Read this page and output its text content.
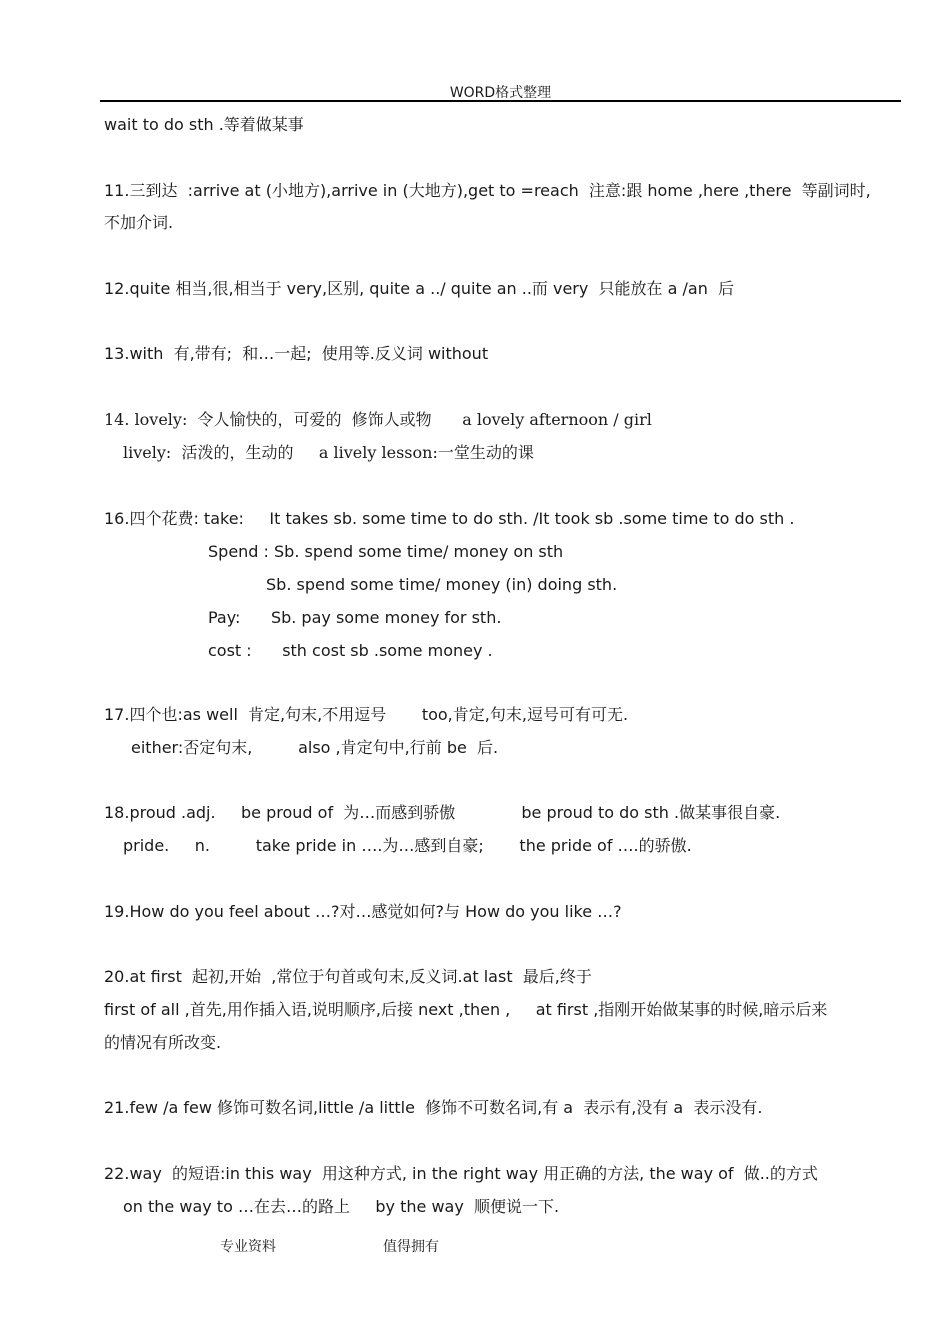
WORD格式整理
wait to do sth .等着做某事
11.三到达  :arrive at (小地方),arrive in (大地方),get to =reach  注意:跟 home ,here ,there  等副词时,
不加介词.
12.quite 相当,很,相当于 very,区别, quite a ../ quite an ..而 very  只能放在 a /an  后
13.with  有,带有;  和…一起;  使用等.反义词 without
14. lovely:  令人愉快的，可爱的  修饰人或物      a lovely afternoon / girl
lively:  活泼的，生动的     a lively lesson:一堂生动的课
16.四个花费: take:     It takes sb. some time to do sth. /It took sb .some time to do sth .
Spend : Sb. spend some time/ money on sth
Sb. spend some time/ money (in) doing sth.
Pay:      Sb. pay some money for sth.
cost :      sth cost sb .some money .
17.四个也:as well  肯定,句末,不用逗号       too,肯定,句末,逗号可有可无.
either:否定句末,         also ,肯定句中,行前 be  后.
18.proud .adj.     be proud of  为…而感到骄傲             be proud to do sth .做某事很自豪.
pride.     n.         take pride in ….为…感到自豪;       the pride of ….的骄傲.
19.How do you feel about …?对…感觉如何?与 How do you like …?
20.at first  起初,开始  ,常位于句首或句末,反义词.at last  最后,终于
first of all ,首先,用作插入语,说明顺序,后接 next ,then ,     at first ,指刚开始做某事的时候,暗示后来
的情况有所改变.
21.few /a few 修饰可数名词,little /a little  修饰不可数名词,有 a  表示有,没有 a  表示没有.
22.way  的短语:in this way  用这种方式, in the right way 用正确的方法, the way of  做..的方式
on the way to …在去…的路上     by the way  顺便说一下.
专业资料	值得拥有
